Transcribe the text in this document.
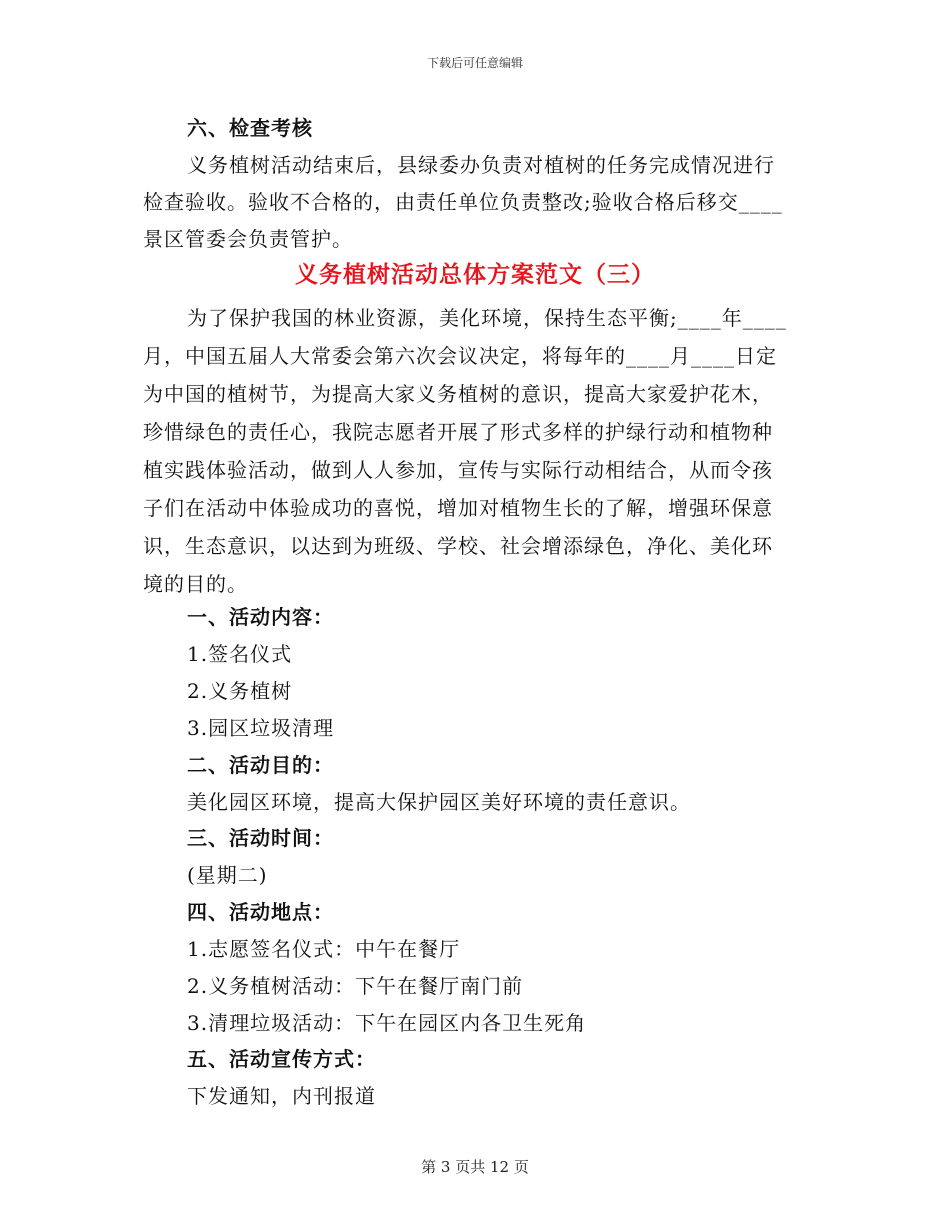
下载后可任意编辑
六、检查考核
义务植树活动结束后，县绿委办负责对植树的任务完成情况进行
检查验收。验收不合格的，由责任单位负责整改;验收合格后移交____
景区管委会负责管护。
义务植树活动总体方案范文（三）
为了保护我国的林业资源，美化环境，保持生态平衡;____年____
月，中国五届人大常委会第六次会议决定，将每年的____月____日定
为中国的植树节，为提高大家义务植树的意识，提高大家爱护花木，
珍惜绿色的责任心，我院志愿者开展了形式多样的护绿行动和植物种
植实践体验活动，做到人人参加，宣传与实际行动相结合，从而令孩
子们在活动中体验成功的喜悦，增加对植物生长的了解，增强环保意
识，生态意识，以达到为班级、学校、社会增添绿色，净化、美化环
境的目的。
一、活动内容：
1.签名仪式
2.义务植树
3.园区垃圾清理
二、活动目的：
美化园区环境，提高大保护园区美好环境的责任意识。
三、活动时间：
(星期二)
四、活动地点：
1.志愿签名仪式：中午在餐厅
2.义务植树活动：下午在餐厅南门前
3.清理垃圾活动：下午在园区内各卫生死角
五、活动宣传方式：
下发通知，内刊报道
第 3 页共 12 页
